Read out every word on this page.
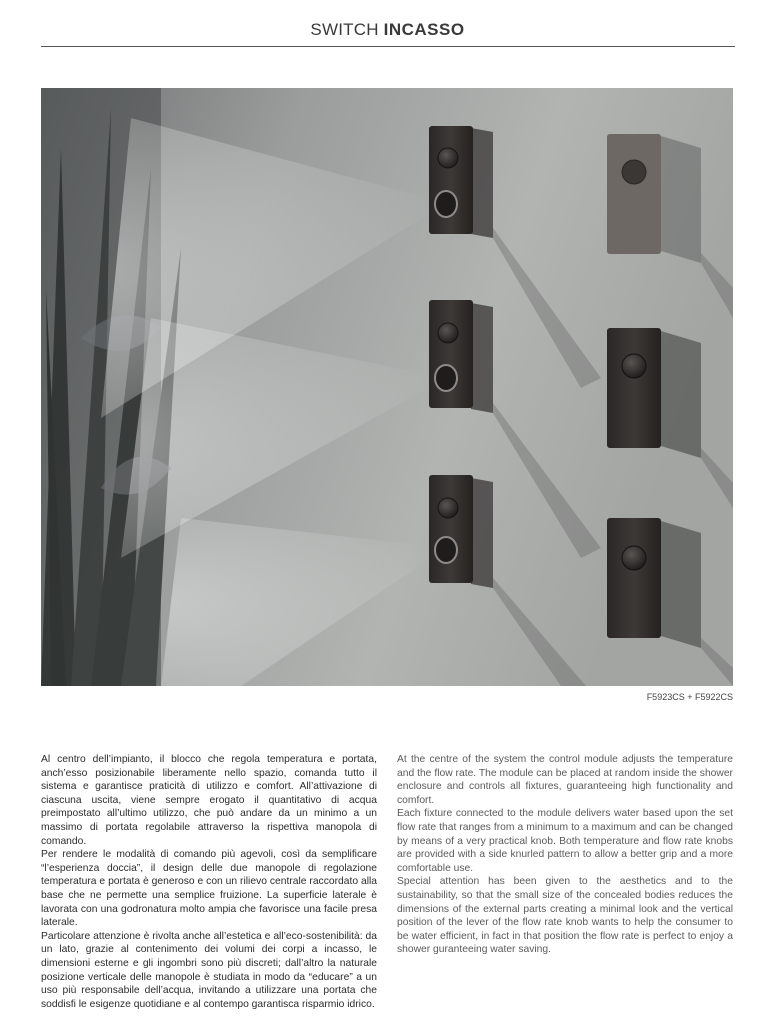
SWITCH INCASSO
F5923CS + F5922CS

Al centro dell’impianto, il blocco che regola temperatura e portata, anch’esso posizionabile liberamente nello spazio, comanda tutto il sistema e garantisce praticità di utilizzo e comfort. All’attivazione di ciascuna uscita, viene sempre erogato il quantitativo di acqua preimpostato all’ultimo utilizzo, che può andare da un minimo a un massimo di portata regolabile attraverso la rispettiva manopola di comando.

Per rendere le modalità di comando più agevoli, così da semplificare “l’esperienza doccia”, il design delle due manopole di regolazione temperatura e portata è generoso e con un rilievo centrale raccordato alla base che ne permette una semplice fruizione. La superficie laterale è lavorata con una godronatura molto ampia che favorisce una facile presa laterale.

Particolare attenzione è rivolta anche all’estetica e all’eco-sostenibilità: da un lato, grazie al contenimento dei volumi dei corpi a incasso, le dimensioni esterne e gli ingombri sono più discreti; dall’altro la naturale posizione verticale delle manopole è studiata in modo da “educare” a un uso più responsabile dell’acqua, invitando a utilizzare una portata che soddisfi le esigenze quotidiane e al contempo garantisca risparmio idrico.

At the centre of the system the control module adjusts the temperature and the flow rate. The module can be placed at random inside the shower enclosure and controls all fixtures, guaranteeing high functionality and comfort.

Each fixture connected to the module delivers water based upon the set flow rate that ranges from a minimum to a maximum and can be changed by means of a very practical knob. Both temperature and flow rate knobs are provided with a side knurled pattern to allow a better grip and a more comfortable use.

Special attention has been given to the aesthetics and to the sustainability, so that the small size of the concealed bodies reduces the dimensions of the external parts creating a minimal look and the vertical position of the lever of the flow rate knob wants to help the consumer to be water efficient, in fact in that position the flow rate is perfect to enjoy a shower guranteeing water saving.
